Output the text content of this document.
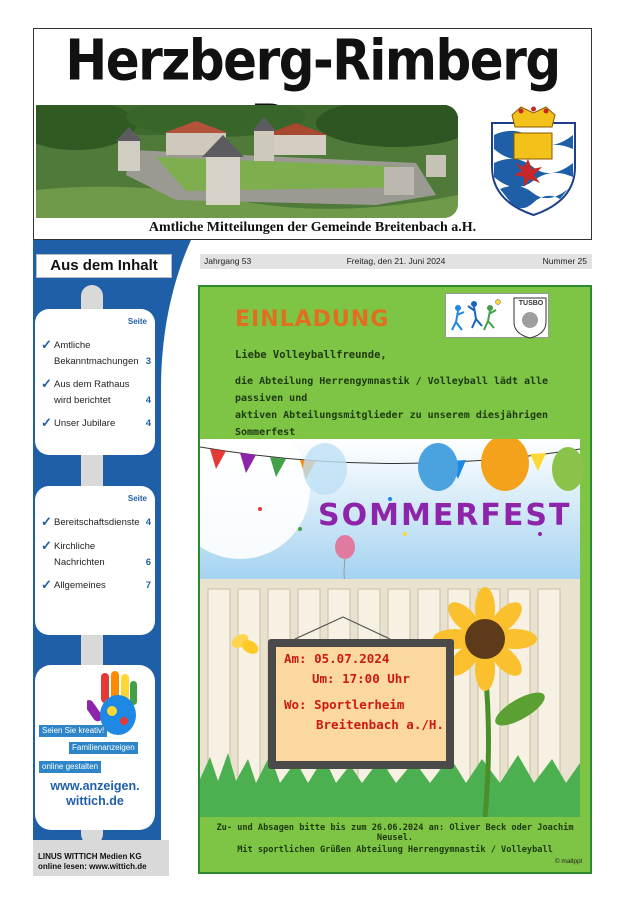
Herzberg-Rimberg
Amtliche Mitteilungen der Gemeinde Breitenbach a.H.
Aus dem Inhalt
Seite
✓ Amtliche Bekanntmachungen 3
✓ Aus dem Rathaus wird berichtet	4
✓ Unser Jubilare	4
Seite
✓ Bereitschaftsdienste 4
✓ Kirchliche Nachrichten	6
✓ Allgemeines	7
Seien Sie kreativ!
Familienanzeigen
online gestalten
www.anzeigen.
wittich.de
LINUS WITTICH Medien KG
online lesen: www.wittich.de
Freitag, den 21. Juni 2024
Jahrgang 53	Nummer 25
EINLADUNG
TUSBO
Liebe Volleyballfreunde,
die Abteilung Herrengymnastik / Volleyball lädt alle passiven und
aktiven Abteilungsmitglieder zu unserem diesjährigen Sommerfest
SOMMERFEST
Am: 05.07.2024
Um: 17:00 Uhr
Wo: Sportlerheim
Breitenbach a./H.
Zu- und Absagen bitte bis zum 26.06.2024 an: Oliver Beck oder Joachim Neusel.
Mit sportlichen Grüßen Abteilung Herrengymnastik / Volleyball
© mallppl
